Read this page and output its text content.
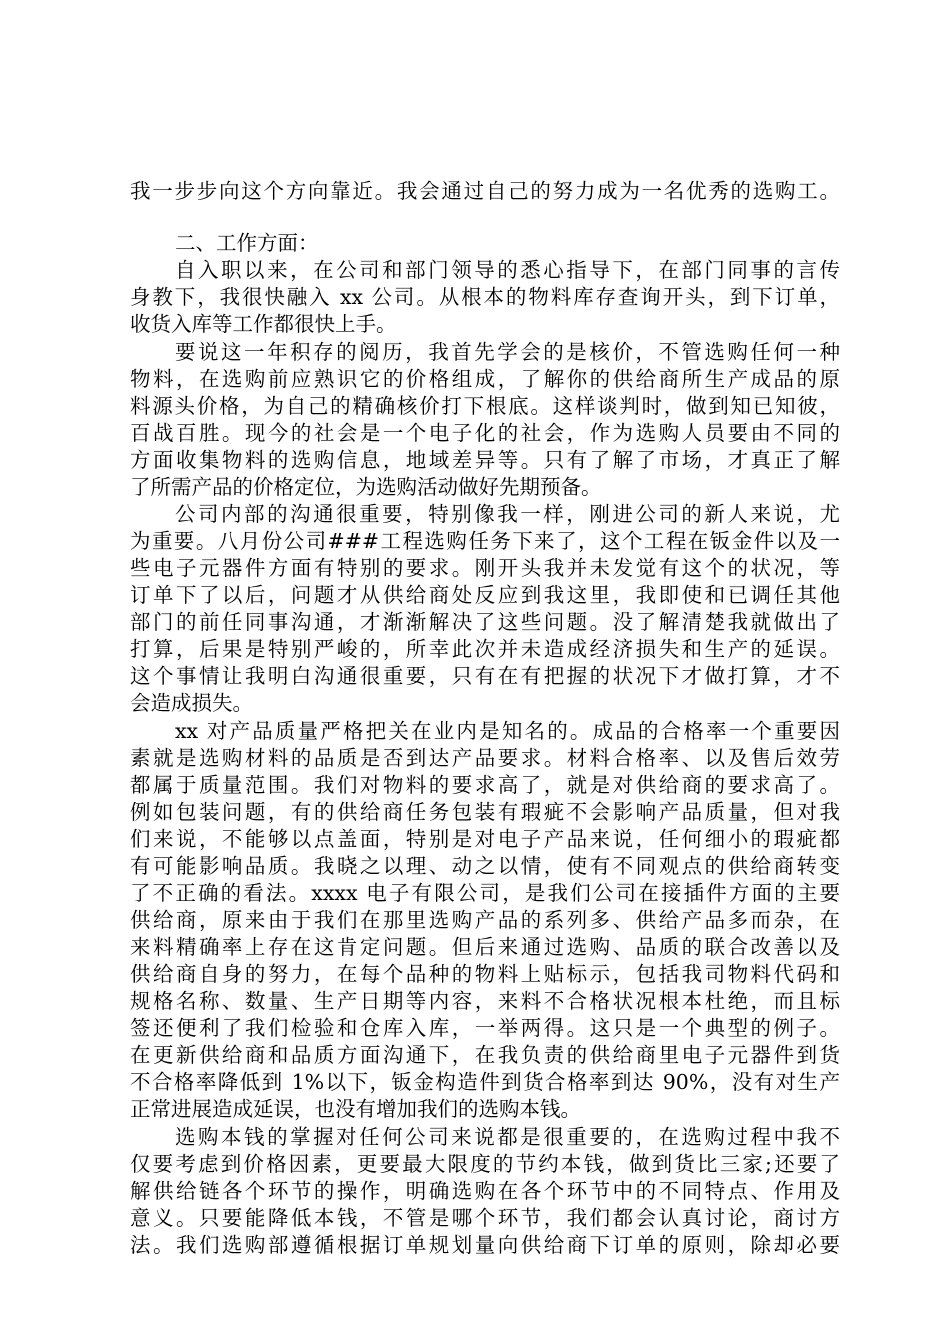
我一步步向这个方向靠近。我会通过自己的努力成为一名优秀的选购工。
二、工作方面：
自入职以来，在公司和部门领导的悉心指导下，在部门同事的言传
身教下，我很快融入 xx 公司。从根本的物料库存查询开头，到下订单，
收货入库等工作都很快上手。
要说这一年积存的阅历，我首先学会的是核价，不管选购任何一种
物料，在选购前应熟识它的价格组成，了解你的供给商所生产成品的原
料源头价格，为自己的精确核价打下根底。这样谈判时，做到知已知彼，
百战百胜。现今的社会是一个电子化的社会，作为选购人员要由不同的
方面收集物料的选购信息，地域差异等。只有了解了市场，才真正了解
了所需产品的价格定位，为选购活动做好先期预备。
公司内部的沟通很重要，特别像我一样，刚进公司的新人来说，尤
为重要。八月份公司###工程选购任务下来了，这个工程在钣金件以及一
些电子元器件方面有特别的要求。刚开头我并未发觉有这个的状况，等
订单下了以后，问题才从供给商处反应到我这里，我即使和已调任其他
部门的前任同事沟通，才渐渐解决了这些问题。没了解清楚我就做出了
打算，后果是特别严峻的，所幸此次并未造成经济损失和生产的延误。
这个事情让我明白沟通很重要，只有在有把握的状况下才做打算，才不
会造成损失。
xx 对产品质量严格把关在业内是知名的。成品的合格率一个重要因
素就是选购材料的品质是否到达产品要求。材料合格率、以及售后效劳
都属于质量范围。我们对物料的要求高了，就是对供给商的要求高了。
例如包装问题，有的供给商任务包装有瑕疵不会影响产品质量，但对我
们来说，不能够以点盖面，特别是对电子产品来说，任何细小的瑕疵都
有可能影响品质。我晓之以理、动之以情，使有不同观点的供给商转变
了不正确的看法。xxxx 电子有限公司，是我们公司在接插件方面的主要
供给商，原来由于我们在那里选购产品的系列多、供给产品多而杂，在
来料精确率上存在这肯定问题。但后来通过选购、品质的联合改善以及
供给商自身的努力，在每个品种的物料上贴标示，包括我司物料代码和
规格名称、数量、生产日期等内容，来料不合格状况根本杜绝，而且标
签还便利了我们检验和仓库入库，一举两得。这只是一个典型的例子。
在更新供给商和品质方面沟通下，在我负责的供给商里电子元器件到货
不合格率降低到 1%以下，钣金构造件到货合格率到达 90%，没有对生产
正常进展造成延误，也没有增加我们的选购本钱。
选购本钱的掌握对任何公司来说都是很重要的，在选购过程中我不
仅要考虑到价格因素，更要最大限度的节约本钱，做到货比三家;还要了
解供给链各个环节的操作，明确选购在各个环节中的不同特点、作用及
意义。只要能降低本钱，不管是哪个环节，我们都会认真讨论，商讨方
法。我们选购部遵循根据订单规划量向供给商下订单的原则，除却必要
